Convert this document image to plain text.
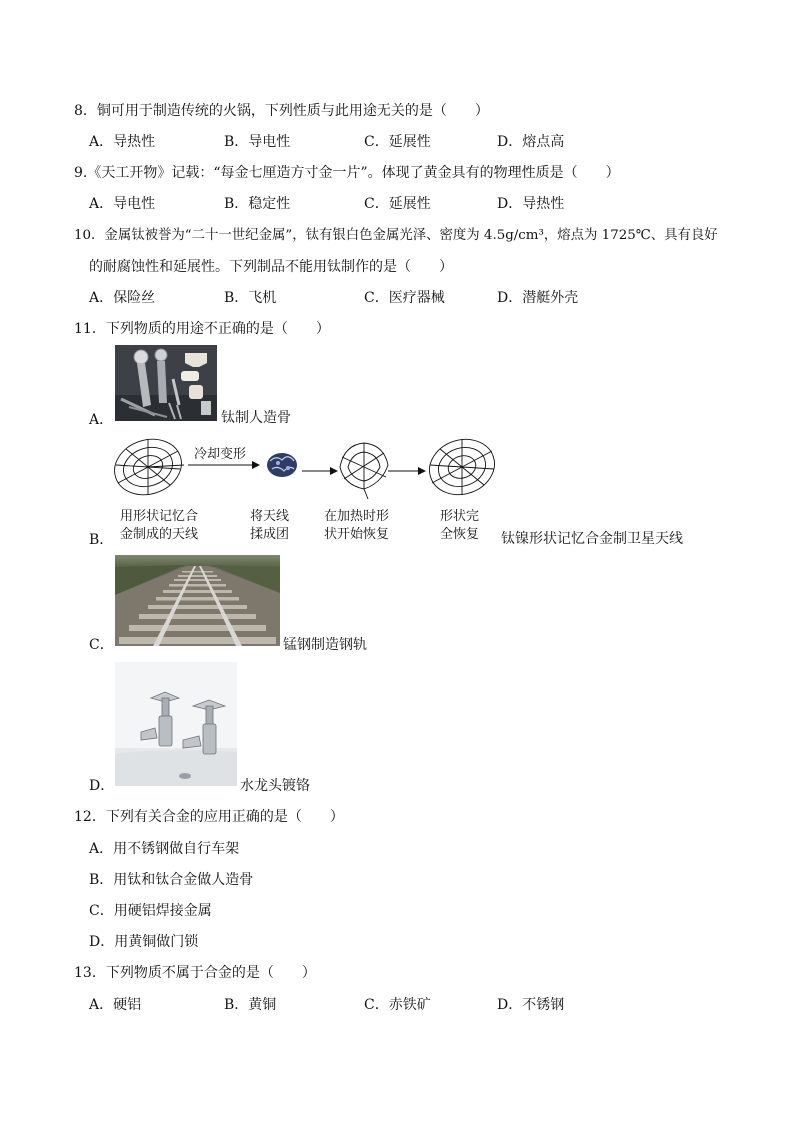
8．铜可用于制造传统的火锅，下列性质与此用途无关的是（　　）
A．导热性	B．导电性	C．延展性	D．熔点高
9.《天工开物》记载：“每金七厘造方寸金一片”。体现了黄金具有的物理性质是（　　）
A．导电性	B．稳定性	C．延展性	D．导热性
10．金属钛被誉为“二十一世纪金属”，钛有银白色金属光泽、密度为 4.5g/cm³，熔点为 1725℃、具有良好
的耐腐蚀性和延展性。下列制品不能用钛制作的是（　　）
A．保险丝	B．飞机	C．医疗器械	D．潜艇外壳
11．下列物质的用途不正确的是（　　）
A．	钛制人造骨
B．
冷却变形
用形状记忆合
金制成的天线
将天线
揉成团
在加热时形
状开始恢复
形状完
全恢复 钛镍形状记忆合金制卫星天线
C．	锰钢制造钢轨
D．	水龙头镀铬
12．下列有关合金的应用正确的是（　　）
A．用不锈钢做自行车架
B．用钛和钛合金做人造骨
C．用硬铝焊接金属
D．用黄铜做门锁
13．下列物质不属于合金的是（　　）
A．硬铝	B．黄铜	C．赤铁矿	D．不锈钢
